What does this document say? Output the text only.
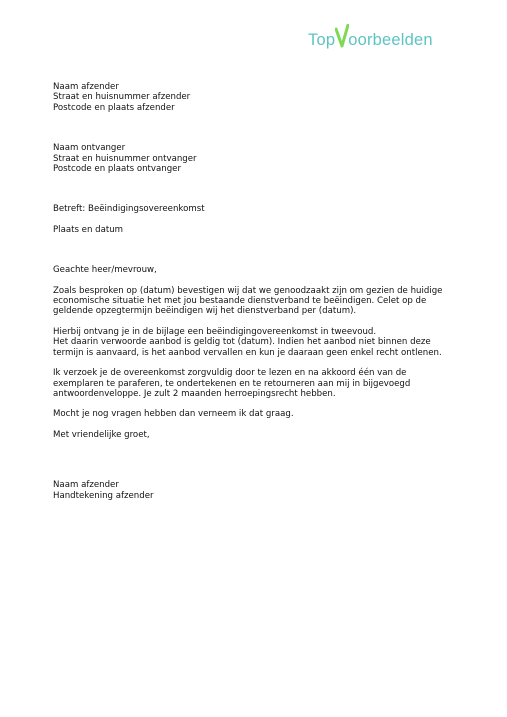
Top oorbeelden

Naam afzender

Straat en huisnummer afzender

Postcode en plaats afzender

Naam ontvanger

Straat en huisnummer ontvanger

Postcode en plaats ontvanger

Betreft: Beëindigingsovereenkomst

Plaats en datum

Geachte heer/mevrouw,

Zoals besproken op (datum) bevestigen wij dat we genoodzaakt zijn om gezien de huidige

economische situatie het met jou bestaande dienstverband te beëindigen. Celet op de

geldende opzegtermijn beëindigen wij het dienstverband per (datum).

Hierbij ontvang je in de bijlage een beëindigingovereenkomst in tweevoud.

Het daarin verwoorde aanbod is geldig tot (datum). Indien het aanbod niet binnen deze

termijn is aanvaard, is het aanbod vervallen en kun je daaraan geen enkel recht ontlenen.

Ik verzoek je de overeenkomst zorgvuldig door te lezen en na akkoord één van de

exemplaren te paraferen, te ondertekenen en te retourneren aan mij in bijgevoegd

antwoordenveloppe. Je zult 2 maanden herroepingsrecht hebben.

Mocht je nog vragen hebben dan verneem ik dat graag.

Met vriendelijke groet,

Naam afzender

Handtekening afzender
